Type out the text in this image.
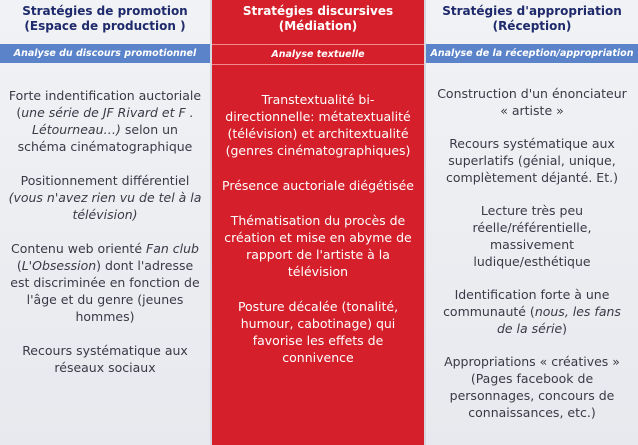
Stratégies de promotion
(Espace de production )
Analyse du discours promotionnel
Forte indentification auctoriale (une série de JF Rivard et F . Létourneau…) selon un schéma cinématographique
Positionnement différentiel (vous n'avez rien vu de tel à la télévision)
Contenu web orienté Fan club (L'Obsession) dont l'adresse est discriminée en fonction de l'âge et du genre (jeunes hommes)
Recours systématique aux réseaux sociaux
Stratégies discursives
(Médiation)
Analyse textuelle
Transtextualité bi-directionnelle: métatextualité (télévision) et architextualité (genres cinématographiques)
Présence auctoriale diégétisée
Thématisation du procès de création et mise en abyme de rapport de l'artiste à la télévision
Posture décalée (tonalité, humour, cabotinage) qui favorise les effets de connivence
Stratégies d'appropriation
(Réception)
Analyse de la réception/appropriation
Construction d'un énonciateur « artiste »
Recours systématique aux superlatifs (génial, unique, complètement déjanté. Et.)
Lecture très peu réelle/référentielle, massivement ludique/esthétique
Identification forte à une communauté (nous, les fans de la série)
Appropriations « créatives » (Pages facebook de personnages, concours de connaissances, etc.)
